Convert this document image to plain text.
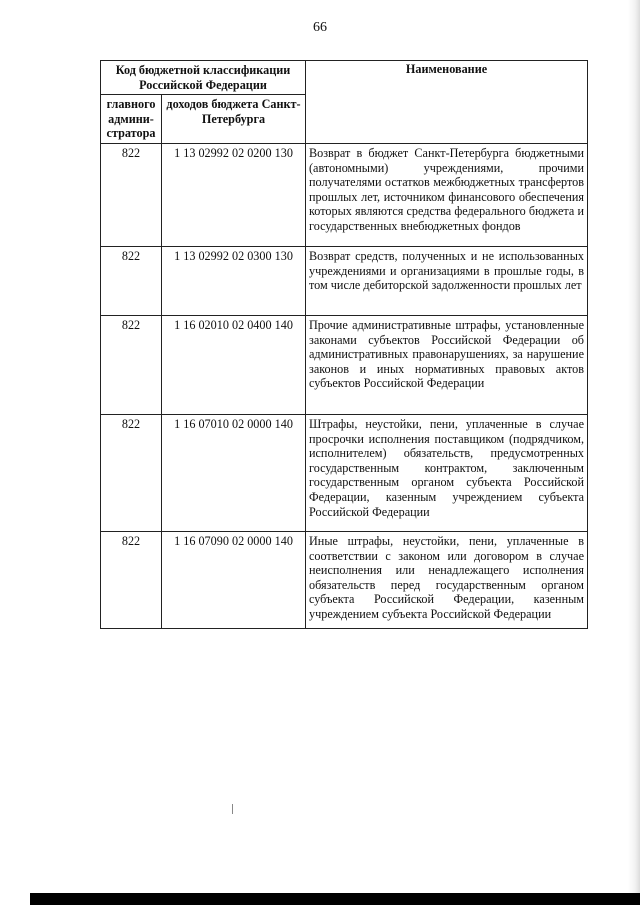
66
Код бюджетной классификации Российской Федерации		Наименование
главного админи-стратора	доходов бюджета Санкт-Петербурга	
822	1 13 02992 02 0200 130	Возврат в бюджет Санкт-Петербурга бюджетными (автономными) учреждениями, прочими получателями остатков межбюджетных трансфертов прошлых лет, источником финансового обеспечения которых являются средства федерального бюджета и государственных внебюджетных фондов
822	1 13 02992 02 0300 130	Возврат средств, полученных и не использованных учреждениями и организациями в прошлые годы, в том числе дебиторской задолженности прошлых лет
822	1 16 02010 02 0400 140	Прочие административные штрафы, установленные законами субъектов Российской Федерации об административных правонарушениях, за нарушение законов и иных нормативных правовых актов субъектов Российской Федерации
822	1 16 07010 02 0000 140	Штрафы, неустойки, пени, уплаченные в случае просрочки исполнения поставщиком (подрядчиком, исполнителем) обязательств, предусмотренных государственным контрактом, заключенным государственным органом субъекта Российской Федерации, казенным учреждением субъекта Российской Федерации
822	1 16 07090 02 0000 140	Иные штрафы, неустойки, пени, уплаченные в соответствии с законом или договором в случае неисполнения или ненадлежащего исполнения обязательств перед государственным органом субъекта Российской Федерации, казенным учреждением субъекта Российской Федерации
